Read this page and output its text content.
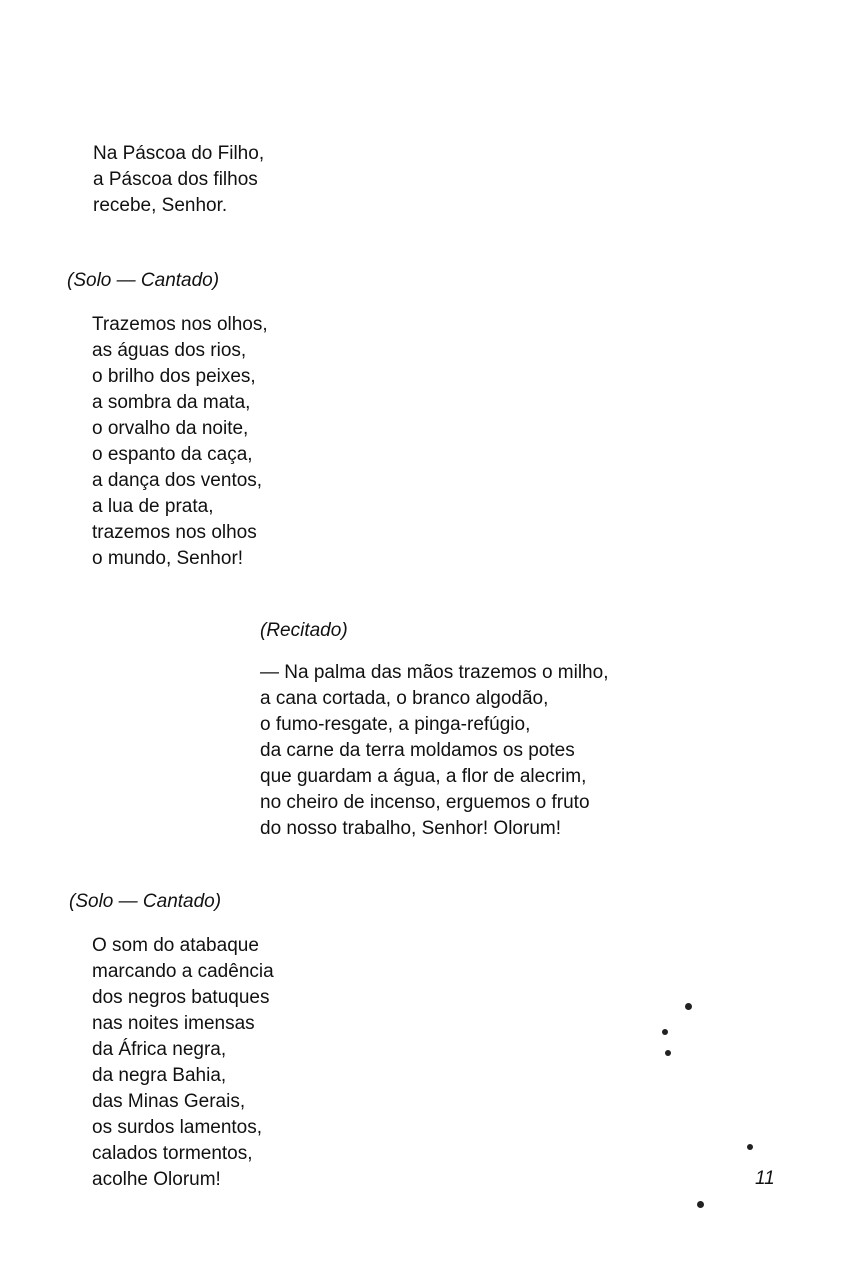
Na Páscoa do Filho,
a Páscoa dos filhos
recebe, Senhor.
(Solo — Cantado)
Trazemos nos olhos,
as águas dos rios,
o brilho dos peixes,
a sombra da mata,
o orvalho da noite,
o espanto da caça,
a dança dos ventos,
a lua de prata,
trazemos nos olhos
o mundo, Senhor!
(Recitado)
— Na palma das mãos trazemos o milho,
a cana cortada, o branco algodão,
o fumo-resgate, a pinga-refúgio,
da carne da terra moldamos os potes
que guardam a água, a flor de alecrim,
no cheiro de incenso, erguemos o fruto
do nosso trabalho, Senhor! Olorum!
(Solo — Cantado)
O som do atabaque
marcando a cadência
dos negros batuques
nas noites imensas
da África negra,
da negra Bahia,
das Minas Gerais,
os surdos lamentos,
calados tormentos,
acolhe Olorum!	11
